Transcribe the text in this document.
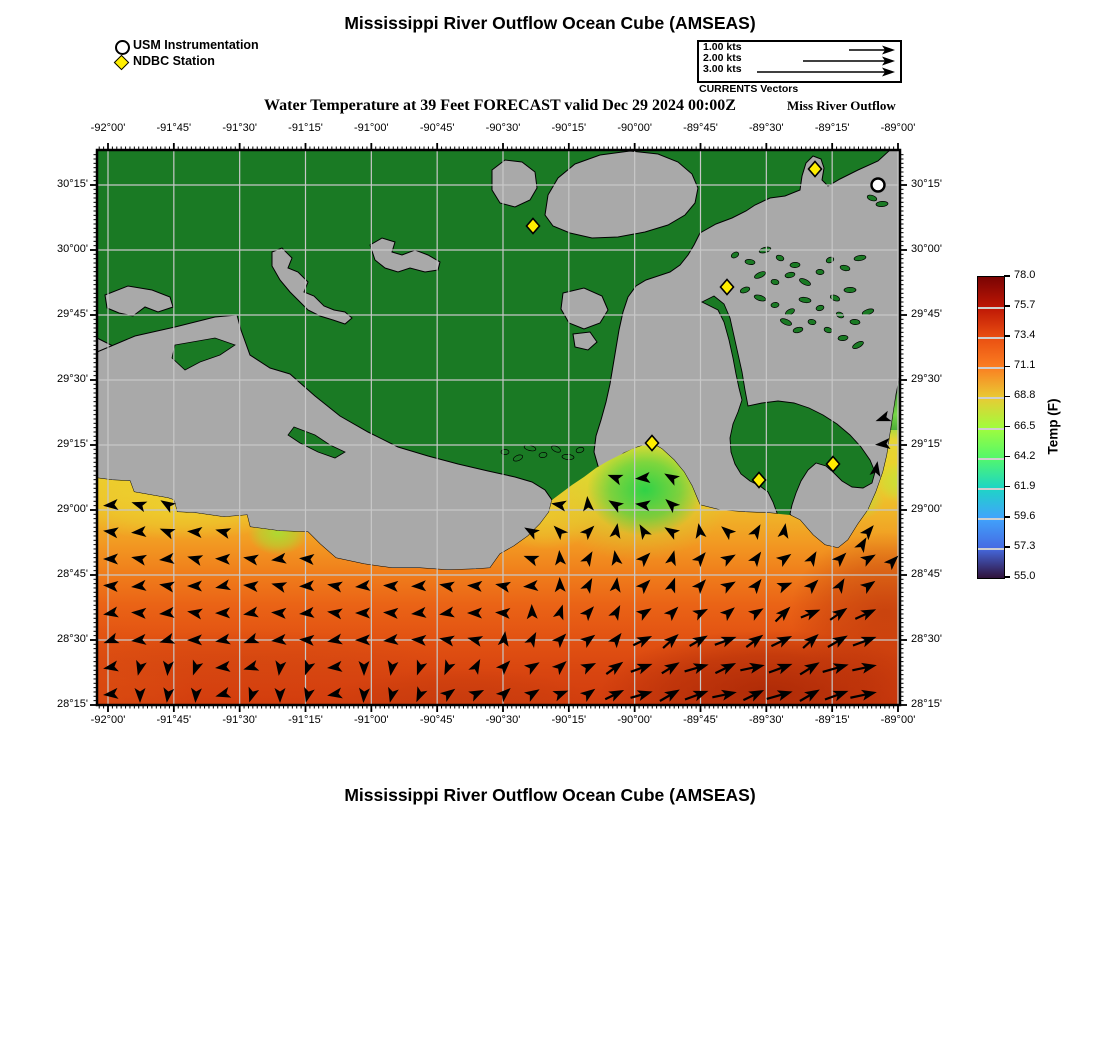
Mississippi River Outflow Ocean Cube (AMSEAS)
USM Instrumentation
NDBC Station
CURRENTS Vectors
Water Temperature at 39 Feet FORECAST valid Dec 29 2024 00:00Z	Miss River Outflow
Temp (F)
Mississippi River Outflow Ocean Cube (AMSEAS)
-92°00'
-92°00'
-91°45'
-91°45'
-91°30'
-91°30'
-91°15'
-91°15'
-91°00'
-91°00'
-90°45'
-90°45'
-90°30'
-90°30'
-90°15'
-90°15'
-90°00'
-90°00'
-89°45'
-89°45'
-89°30'
-89°30'
-89°15'
-89°15'
-89°00'
-89°00'
30°15'	30°15'
30°00'	30°00'
29°45'	29°45'
29°30'	29°30'
29°15'	29°15'
29°00'	29°00'
28°45'	28°45'
28°30'	28°30'
28°15'	28°15'
78.0
75.7
73.4
71.1
68.8
66.5
64.2
61.9
59.6
57.3
55.0
1.00 kts
2.00 kts
3.00 kts
